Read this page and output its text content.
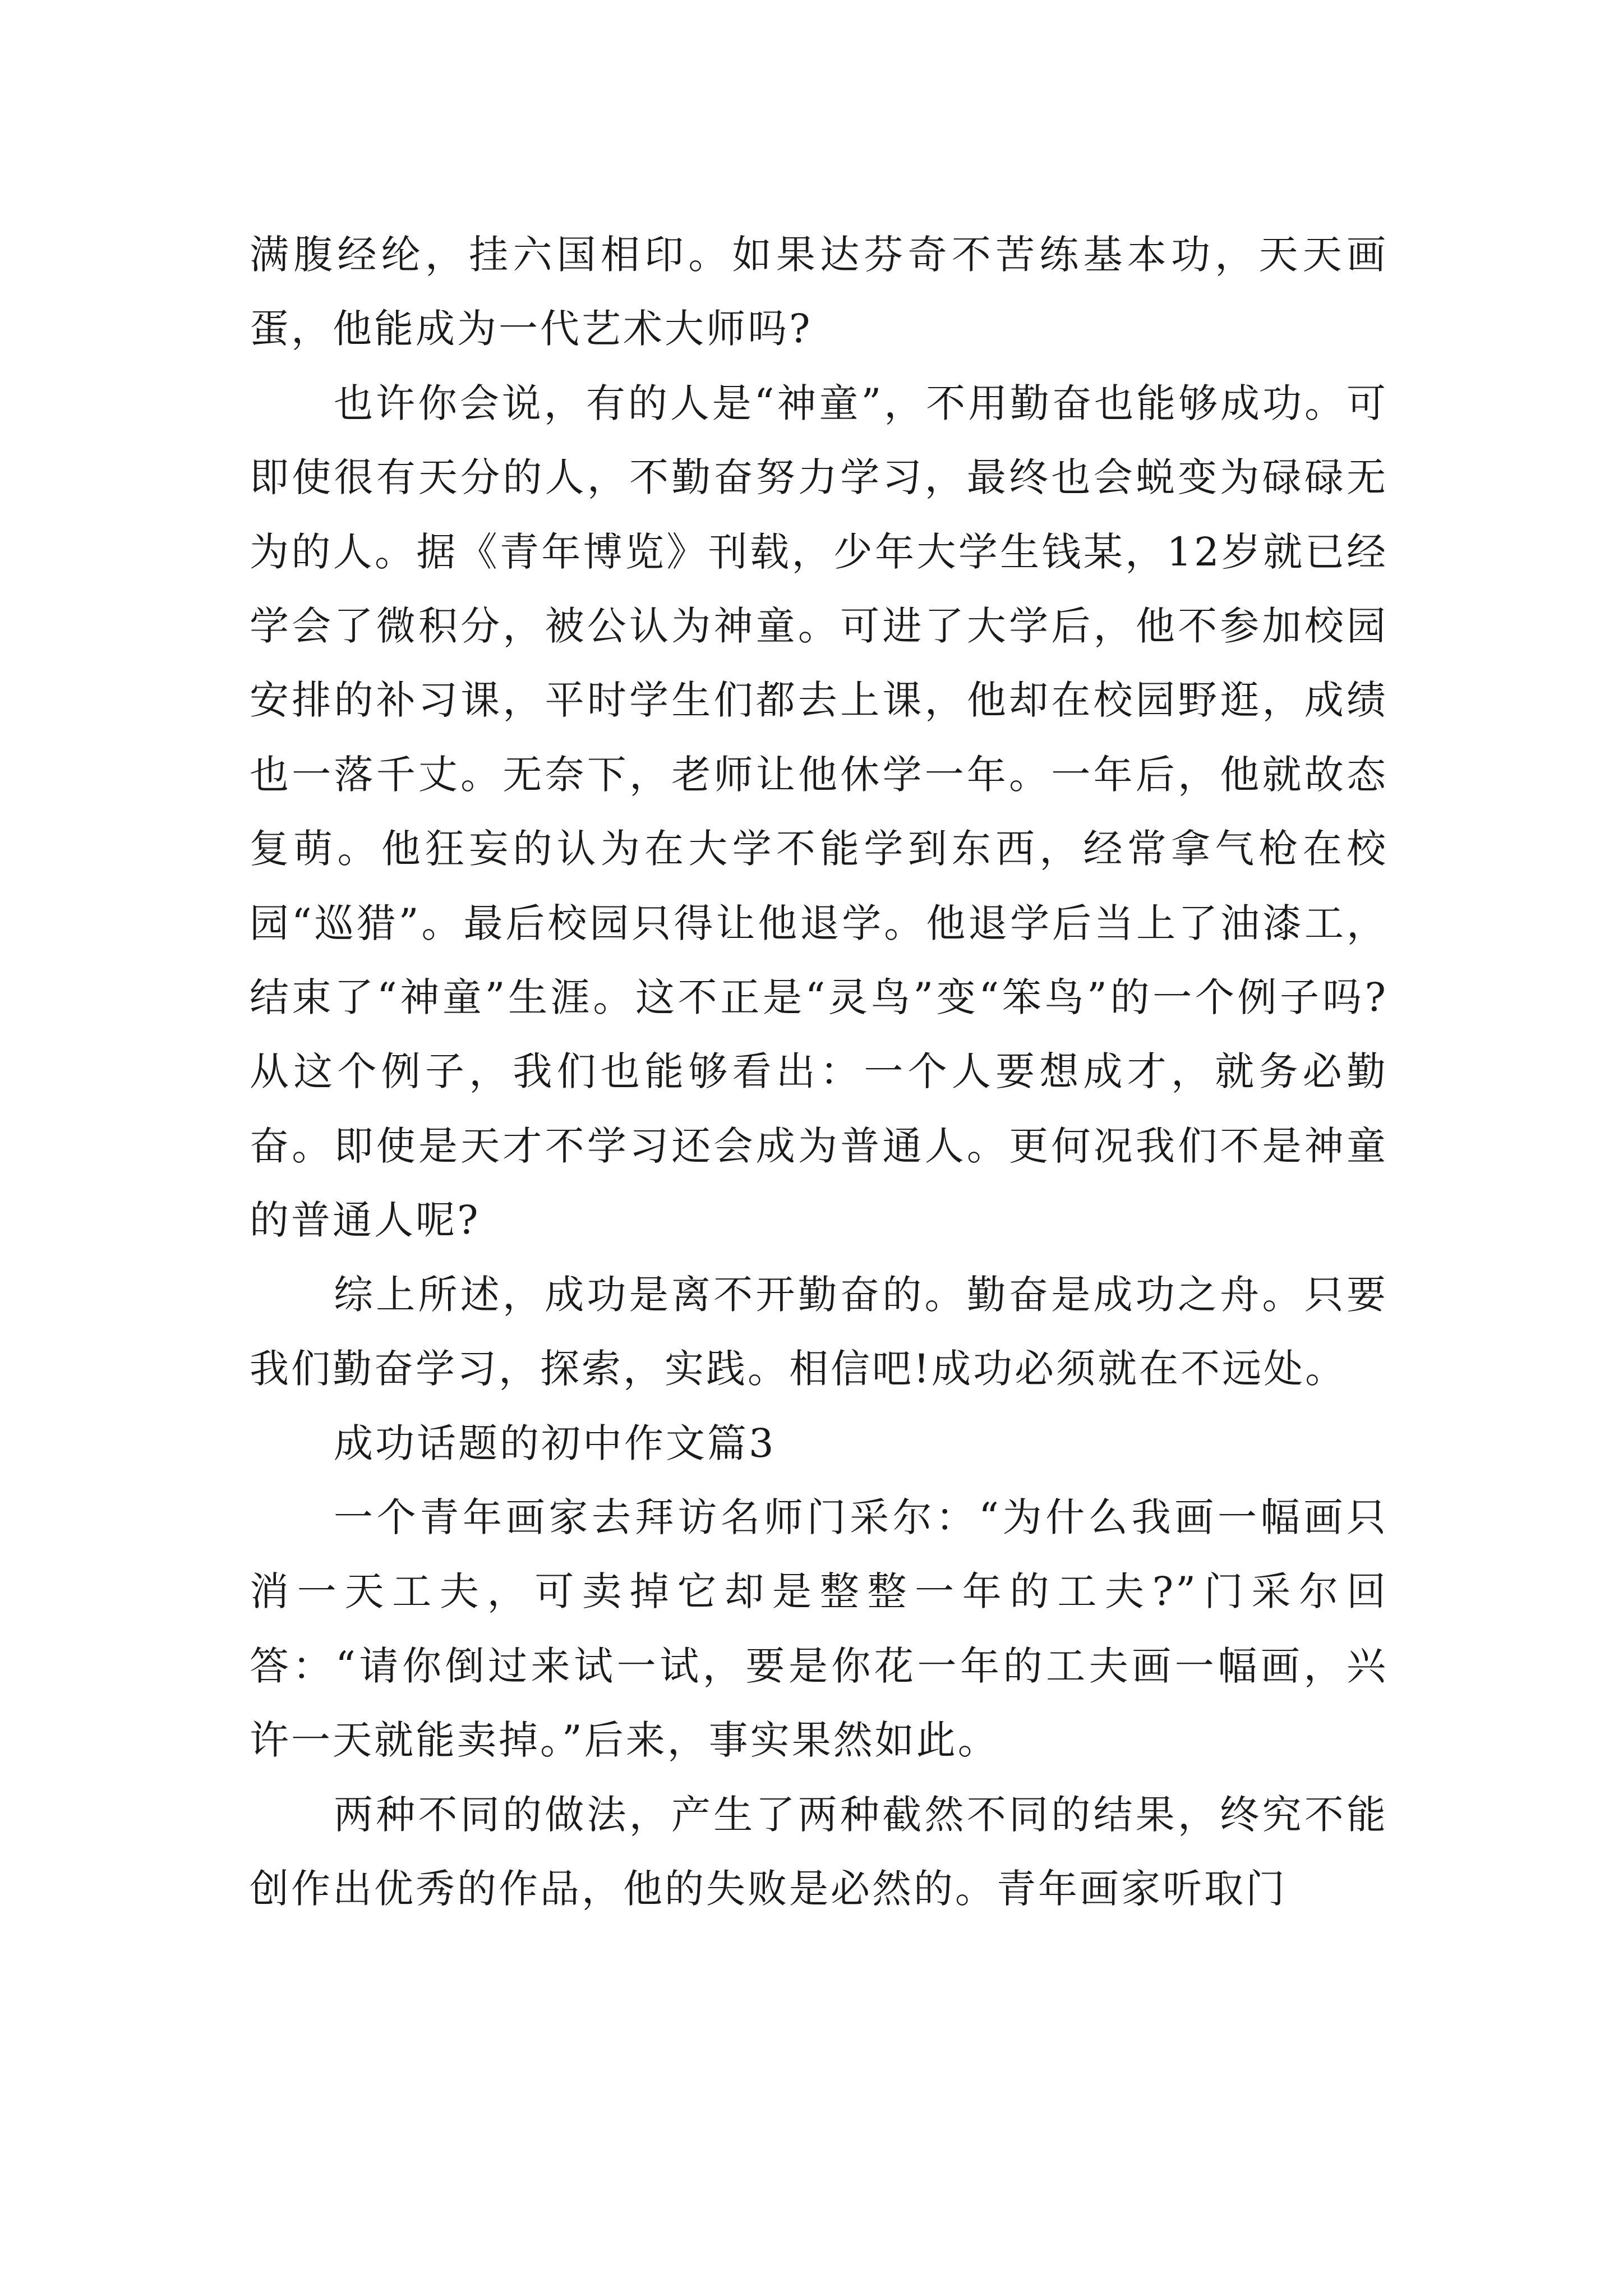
满腹经纶，挂六国相印。如果达芬奇不苦练基本功，天天画蛋，他能成为一代艺术大师吗?

也许你会说，有的人是“神童”，不用勤奋也能够成功。可即使很有天分的人，不勤奋努力学习，最终也会蜕变为碌碌无为的人。据《青年博览》刊载，少年大学生钱某，12岁就已经学会了微积分，被公认为神童。可进了大学后，他不参加校园安排的补习课，平时学生们都去上课，他却在校园野逛，成绩也一落千丈。无奈下，老师让他休学一年。一年后，他就故态复萌。他狂妄的认为在大学不能学到东西，经常拿气枪在校园“巡猎”。最后校园只得让他退学。他退学后当上了油漆工，结束了“神童”生涯。这不正是“灵鸟”变“笨鸟”的一个例子吗?从这个例子，我们也能够看出：一个人要想成才，就务必勤奋。即使是天才不学习还会成为普通人。更何况我们不是神童的普通人呢?

综上所述，成功是离不开勤奋的。勤奋是成功之舟。只要我们勤奋学习，探索，实践。相信吧!成功必须就在不远处。

成功话题的初中作文篇3

一个青年画家去拜访名师门采尔：“为什么我画一幅画只消一天工夫，可卖掉它却是整整一年的工夫?”门采尔回答：“请你倒过来试一试，要是你花一年的工夫画一幅画，兴许一天就能卖掉。”后来，事实果然如此。

两种不同的做法，产生了两种截然不同的结果，终究不能创作出优秀的作品，他的失败是必然的。青年画家听取门
